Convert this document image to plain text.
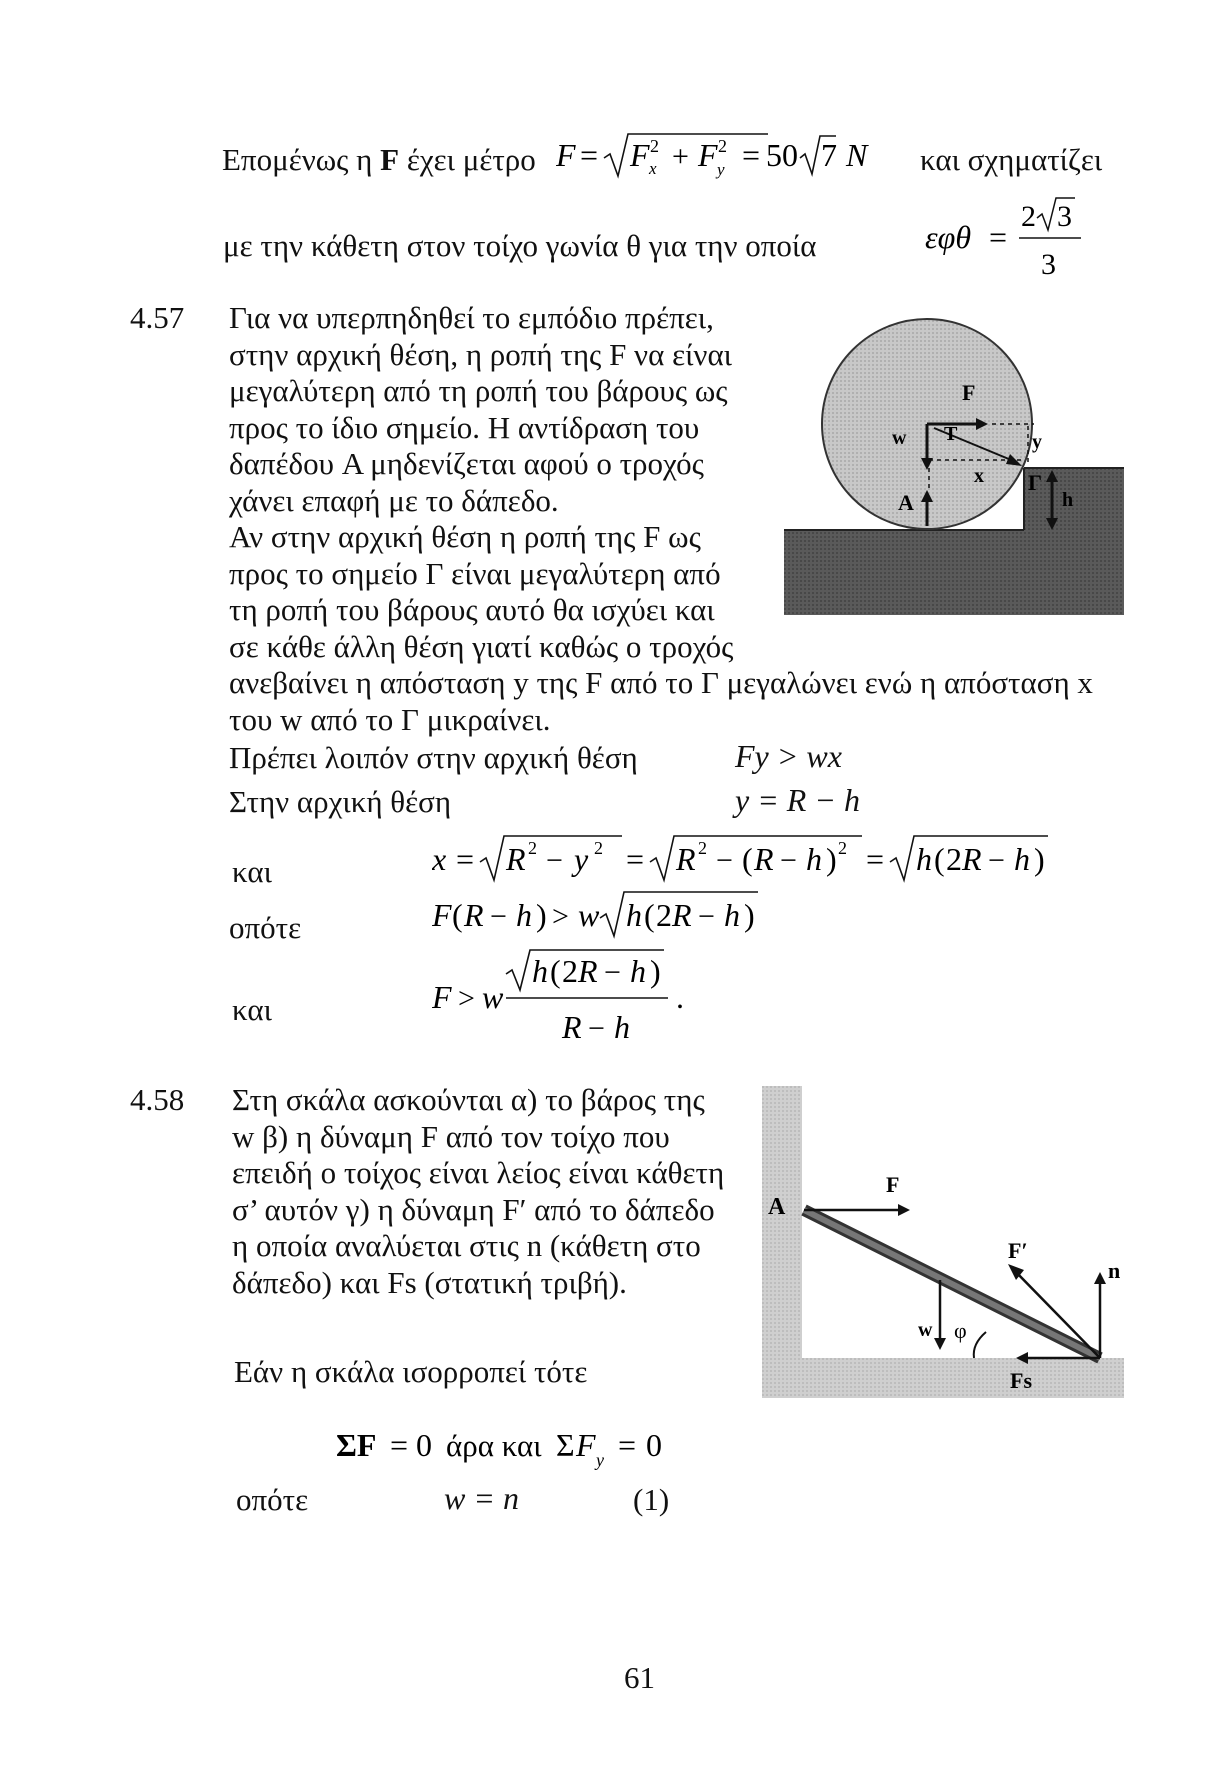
Επομένως η F έχει μέτρο F = F 2
x + F 2
y = 50 7 N και σχηματίζει
με την κάθετη στον τοίχο γωνία θ για την οποία	εφθ =
2 3
3
4.57 Για να υπερπηδηθεί το εμπόδιο πρέπει,

στην αρχική θέση, η ροπή της F να είναι

μεγαλύτερη από τη ροπή του βάρους ως

προς το ίδιο σημείο. Η αντίδραση του

δαπέδου A μηδενίζεται αφού ο τροχός

χάνει επαφή με το δάπεδο.

Αν στην αρχική θέση η ροπή της F ως

προς το σημείο Γ είναι μεγαλύτερη από

τη ροπή του βάρους αυτό θα ισχύει και

σε κάθε άλλη θέση γιατί καθώς ο τροχός

ανεβαίνει η απόσταση y της F από το Γ μεγαλώνει ενώ η απόσταση x

του w από το Γ μικραίνει.

F
w T	y
x
A
Γ
h
Πρέπει λοιπόν στην αρχική θέση	Fy > wx
Στην αρχική θέση	y = R − h
και	x = R 2 − y 2 = R 2 − ( R − h ) 2 = h ( 2 R − h )
οπότε	F ( R − h ) > w h ( 2 R − h )
και	F > w
h ( 2 R − h )
R − h
.
4.58 Στη σκάλα ασκούνται α) το βάρος της

w β) η δύναμη F από τον τοίχο που

επειδή ο τοίχος είναι λείος είναι κάθετη

σ’ αυτόν γ) η δύναμη F′ από το δάπεδο

η οποία αναλύεται στις n (κάθετη στο

δάπεδο) και Fs (στατική τριβή).

A
F
F′
n
w φ
Fs
Εάν η σκάλα ισορροπεί τότε
ΣF = 0 άρα και Σ F y = 0
οπότε	w = n	(1)
61
